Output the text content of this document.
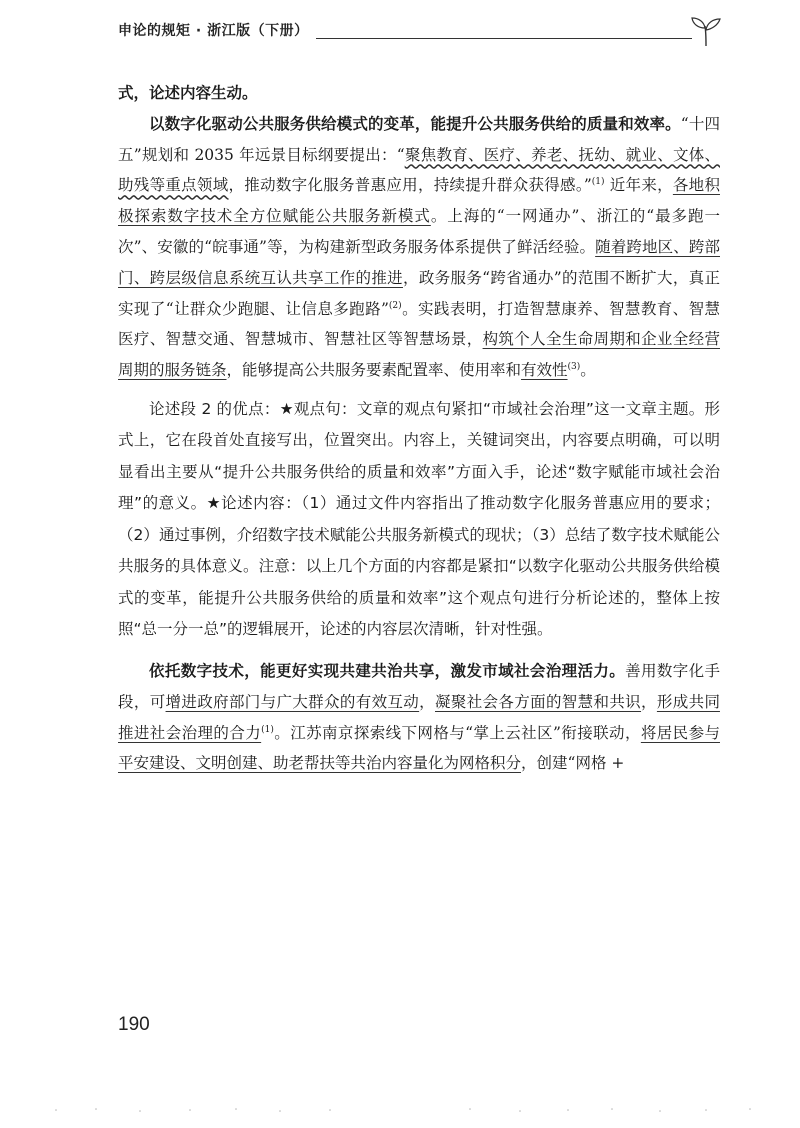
申论的规矩 · 浙江版（下册）

式，论述内容生动。

以数字化驱动公共服务供给模式的变革，能提升公共服务供给的质量和效率。“十四五”规划和 2035 年远景目标纲要提出：“聚焦教育、医疗、养老、抚幼、就业、文体、助残等重点领域，推动数字化服务普惠应用，持续提升群众获得感。”$^{(1)}$ 近年来，各地积极探索数字技术全方位赋能公共服务新模式。上海的“一网通办”、浙江的“最多跑一次”、安徽的“皖事通”等，为构建新型政务服务体系提供了鲜活经验。随着跨地区、跨部门、跨层级信息系统互认共享工作的推进，政务服务“跨省通办”的范围不断扩大，真正实现了“让群众少跑腿、让信息多跑路”$^{(2)}$。实践表明，打造智慧康养、智慧教育、智慧医疗、智慧交通、智慧城市、智慧社区等智慧场景，构筑个人全生命周期和企业全经营周期的服务链条，能够提高公共服务要素配置率、使用率和有效性$^{(3)}$。

论述段 2 的优点：★观点句：文章的观点句紧扣“市域社会治理”这一文章主题。形式上，它在段首处直接写出，位置突出。内容上，关键词突出，内容要点明确，可以明显看出主要从“提升公共服务供给的质量和效率”方面入手，论述“数字赋能市域社会治理”的意义。★论述内容：（1）通过文件内容指出了推动数字化服务普惠应用的要求；（2）通过事例，介绍数字技术赋能公共服务新模式的现状；（3）总结了数字技术赋能公共服务的具体意义。注意：以上几个方面的内容都是紧扣“以数字化驱动公共服务供给模式的变革，能提升公共服务供给的质量和效率”这个观点句进行分析论述的，整体上按照“总一分一总”的逻辑展开，论述的内容层次清晰，针对性强。

依托数字技术，能更好实现共建共治共享，激发市域社会治理活力。善用数字化手段，可增进政府部门与广大群众的有效互动，凝聚社会各方面的智慧和共识，形成共同推进社会治理的合力$^{(1)}$。江苏南京探索线下网格与“掌上云社区”衔接联动，将居民参与平安建设、文明创建、助老帮扶等共治内容量化为网格积分，创建“网格 +

190
